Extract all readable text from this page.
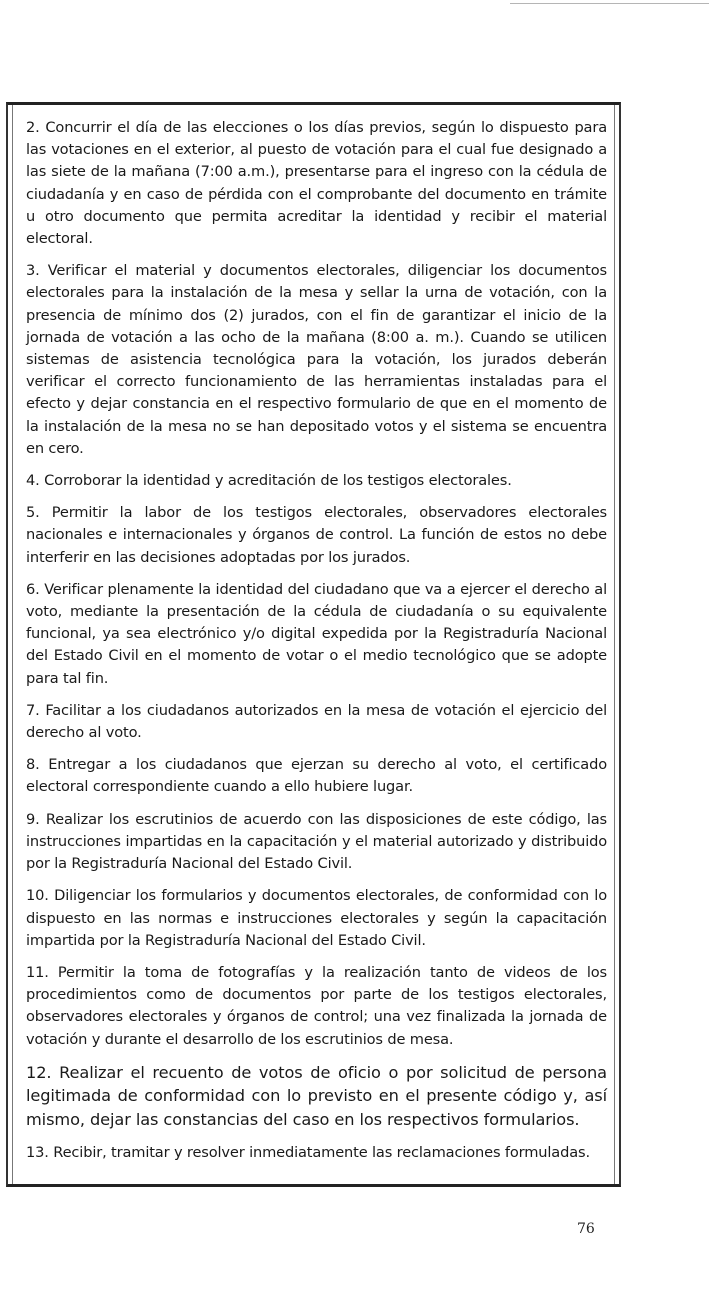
2. Concurrir el día de las elecciones o los días previos, según lo dispuesto para las votaciones en el exterior, al puesto de votación para el cual fue designado a las siete de la mañana (7:00 a.m.), presentarse para el ingreso con la cédula de ciudadanía y en caso de pérdida con el comprobante del documento en trámite u otro documento que permita acreditar la identidad y recibir el material electoral.

3. Verificar el material y documentos electorales, diligenciar los documentos electorales para la instalación de la mesa y sellar la urna de votación, con la presencia de mínimo dos (2) jurados, con el fin de garantizar el inicio de la jornada de votación a las ocho de la mañana (8:00 a. m.). Cuando se utilicen sistemas de asistencia tecnológica para la votación, los jurados deberán verificar el correcto funcionamiento de las herramientas instaladas para el efecto y dejar constancia en el respectivo formulario de que en el momento de la instalación de la mesa no se han depositado votos y el sistema se encuentra en cero.

4. Corroborar la identidad y acreditación de los testigos electorales.

5. Permitir la labor de los testigos electorales, observadores electorales nacionales e internacionales y órganos de control. La función de estos no debe interferir en las decisiones adoptadas por los jurados.

6. Verificar plenamente la identidad del ciudadano que va a ejercer el derecho al voto, mediante la presentación de la cédula de ciudadanía o su equivalente funcional, ya sea electrónico y/o digital expedida por la Registraduría Nacional del Estado Civil en el momento de votar o el medio tecnológico que se adopte para tal fin.

7. Facilitar a los ciudadanos autorizados en la mesa de votación el ejercicio del derecho al voto.

8. Entregar a los ciudadanos que ejerzan su derecho al voto, el certificado electoral correspondiente cuando a ello hubiere lugar.

9. Realizar los escrutinios de acuerdo con las disposiciones de este código, las instrucciones impartidas en la capacitación y el material autorizado y distribuido por la Registraduría Nacional del Estado Civil.

10. Diligenciar los formularios y documentos electorales, de conformidad con lo dispuesto en las normas e instrucciones electorales y según la capacitación impartida por la Registraduría Nacional del Estado Civil.

11. Permitir la toma de fotografías y la realización tanto de videos de los procedimientos como de documentos por parte de los testigos electorales, observadores electorales y órganos de control; una vez finalizada la jornada de votación y durante el desarrollo de los escrutinios de mesa.

12. Realizar el recuento de votos de oficio o por solicitud de persona legitimada de conformidad con lo previsto en el presente código y, así mismo, dejar las constancias del caso en los respectivos formularios.

13. Recibir, tramitar y resolver inmediatamente las reclamaciones formuladas.

76
